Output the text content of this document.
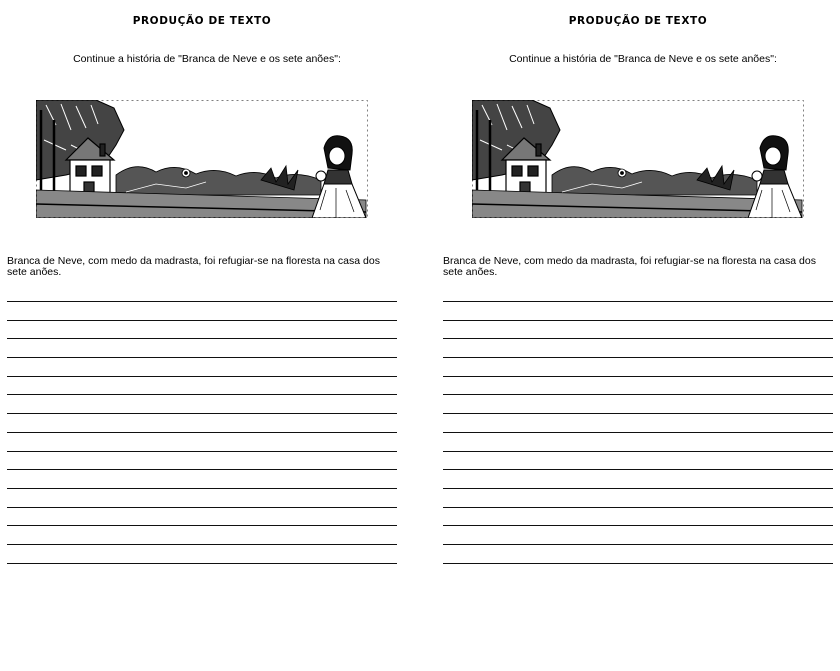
PRODUÇÃO DE TEXTO
Continue a história de "Branca de Neve e os sete anões":
Branca de Neve, com medo da madrasta, foi refugiar-se na floresta na casa dos sete anões.
PRODUÇÃO DE TEXTO
Continue a história de "Branca de Neve e os sete anões":
Branca de Neve, com medo da madrasta, foi refugiar-se na floresta na casa dos sete anões.
